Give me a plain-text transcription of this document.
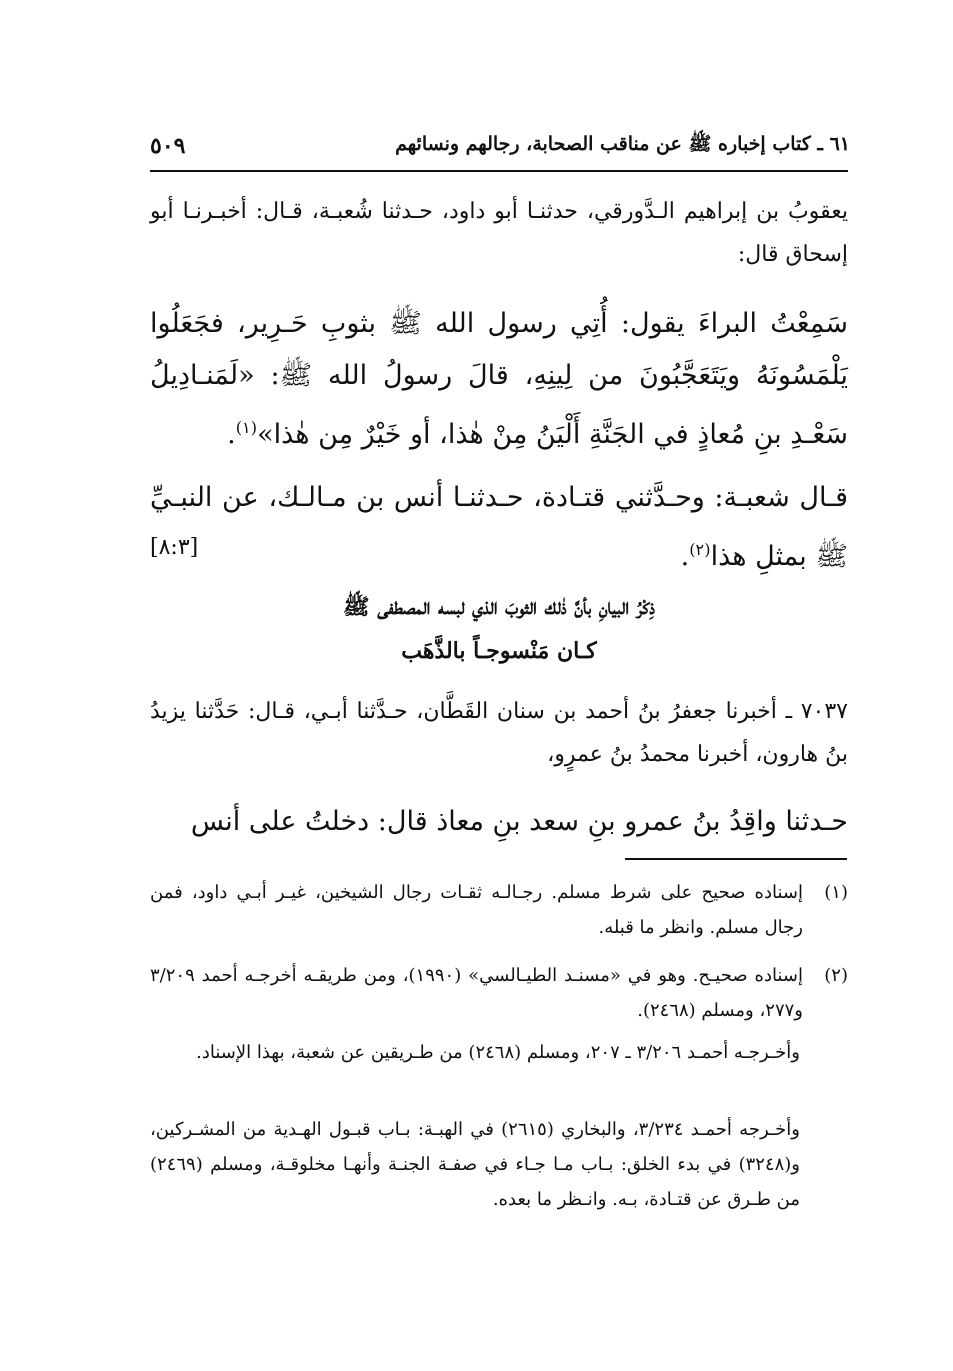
٦١ ـ كتاب إخباره ﷺ عن مناقب الصحابة، رجالهم ونسائهم
٥٠٩

يعقوبُ بن إبراهيم الـدَّورقي، حدثنـا أبو داود، حـدثنا شُعبـة، قـال: أخبـرنـا أبو إسحاق قال:

سَمِعْتُ البراءَ يقول: أُتِي رسول الله ﷺ بثوبِ حَـرِير، فجَعَلُوا يَلْمَسُونَهُ ويَتَعَجَّبُونَ من لِينِهِ، قالَ رسولُ الله ﷺ: «لَمَنـادِيلُ سَعْـدِ بنِ مُعاذٍ في الجَنَّةِ أَلْيَنُ مِنْ هٰذا، أو خَيْرٌ مِن هٰذا»$^{(١)}$.

قـال شعبـة: وحـدَّثني قتـادة، حـدثنـا أنس بن مـالـك، عن النبـيِّ ﷺ بمثلِ هذا$^{(٢)}$.

[٨:٣]
ذِكْرُ البيانِ بأنَّ ذٰلك الثوبَ الذي لبسه المصطفى ﷺ
كـان مَنْسوجـاً بالذَّهَب

٧٠٣٧ ـ أخبرنا جعفرُ بنُ أحمد بن سنان القَطَّان، حـدَّثنا أبـي، قـال: حَدَّثنا يزيدُ بنُ هارون، أخبرنا محمدُ بنُ عمرٍو،

حـدثنا واقِدُ بنُ عمرو بنِ سعد بنِ معاذ قال: دخلتُ على أنس

(١)
إسناده صحيح على شرط مسلم. رجـالـه ثقـات رجال الشيخين، غيـر أبـي داود، فمن رجال مسلم. وانظر ما قبله.
(٢)
إسناده صحيـح. وهو في «مسنـد الطيـالسي» (١٩٩٠)، ومن طريقـه أخرجـه أحمد ٣/٢٠٩ و٢٧٧، ومسلم (٢٤٦٨).

وأخـرجـه أحمـد ٣/٢٠٦ ـ ٢٠٧، ومسلم (٢٤٦٨) من طـريقين عن شعبة، بهذا الإسناد.

وأخـرجه أحمـد ٣/٢٣٤، والبخاري (٢٦١٥) في الهبـة: بـاب قبـول الهـدية من المشـركين، و(٣٢٤٨) في بدء الخلق: بـاب مـا جـاء في صفـة الجنـة وأنهـا مخلوقـة، ومسلم (٢٤٦٩) من طـرق عن قتـادة، بـه. وانـظر ما بعده.
